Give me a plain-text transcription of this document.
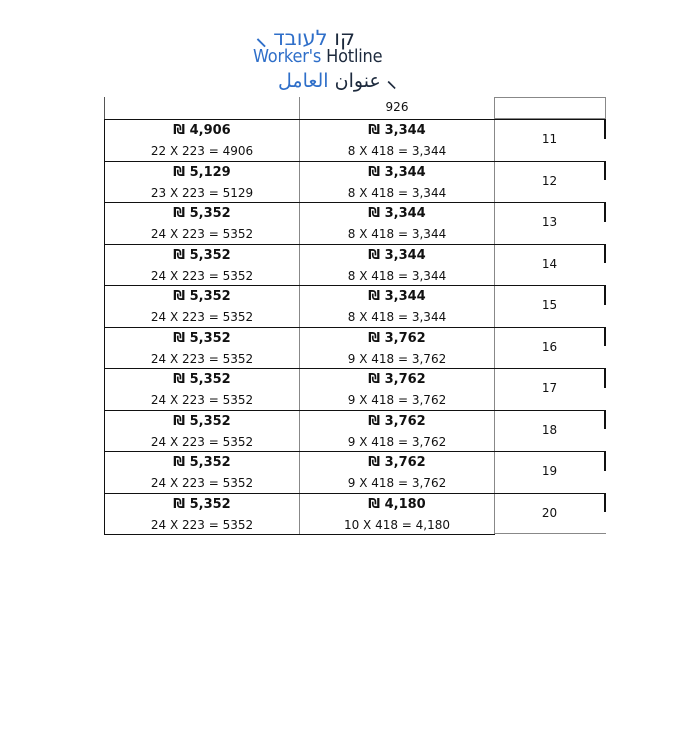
קו לעובד ⸝
Worker's Hotline
⸝ عنوان العامل
926
₪ 4,906
22 X 223 = 4906
₪ 3,344
8 X 418 = 3,344
11
₪ 5,129
23 X 223 = 5129
₪ 3,344
8 X 418 = 3,344
12
₪ 5,352
24 X 223 = 5352
₪ 3,344
8 X 418 = 3,344
13
₪ 5,352
24 X 223 = 5352
₪ 3,344
8 X 418 = 3,344
14
₪ 5,352
24 X 223 = 5352
₪ 3,344
8 X 418 = 3,344
15
₪ 5,352
24 X 223 = 5352
₪ 3,762
9 X 418 = 3,762
16
₪ 5,352
24 X 223 = 5352
₪ 3,762
9 X 418 = 3,762
17
₪ 5,352
24 X 223 = 5352
₪ 3,762
9 X 418 = 3,762
18
₪ 5,352
24 X 223 = 5352
₪ 3,762
9 X 418 = 3,762
19
₪ 5,352
24 X 223 = 5352
₪ 4,180
10 X 418 = 4,180
20
